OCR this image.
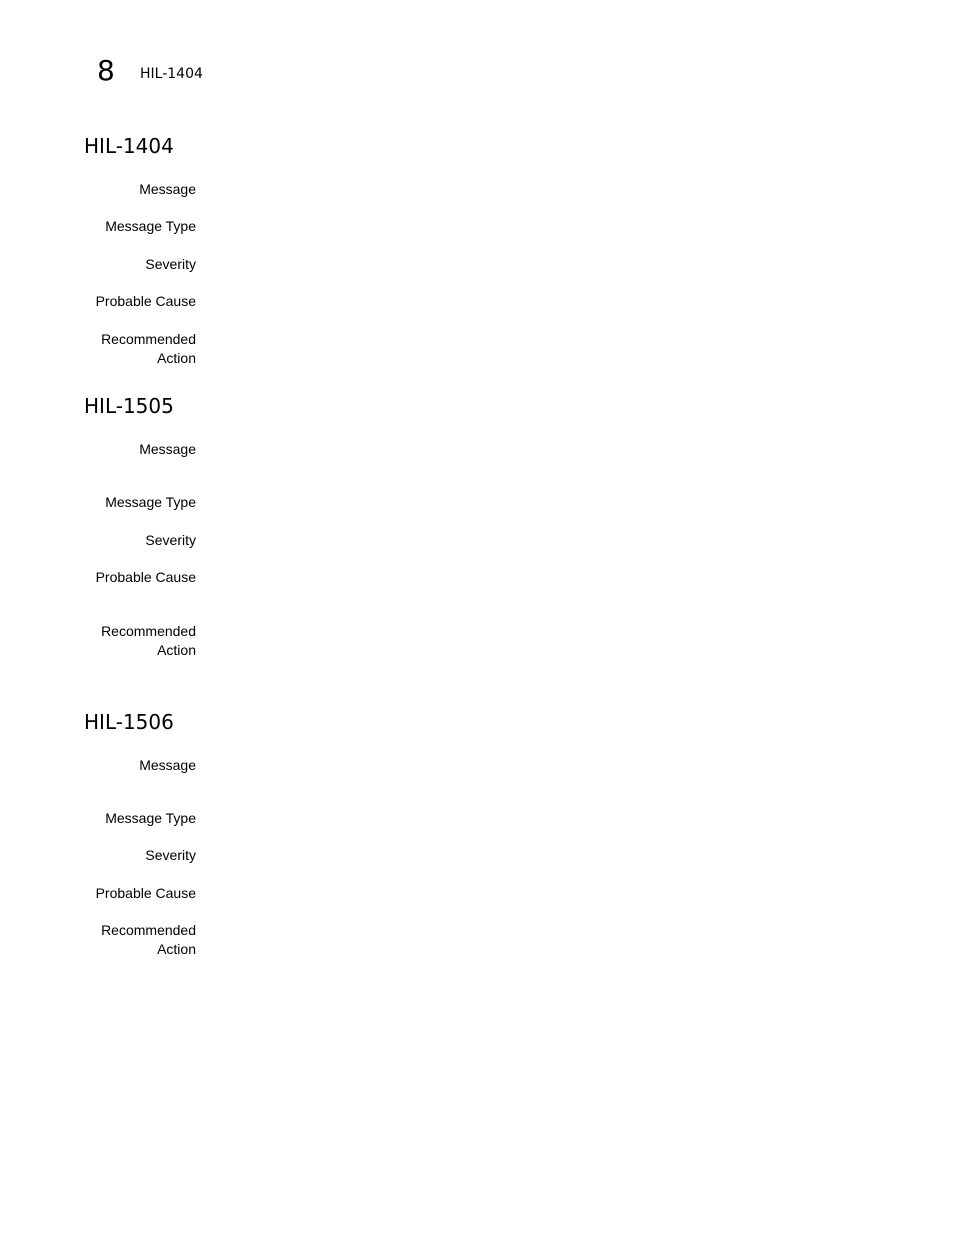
8 HIL-1404
HIL-1404
Message
Message Type
Severity
Probable Cause
Recommended
Action
HIL-1505
Message
Message Type
Severity
Probable Cause
Recommended
Action
HIL-1506
Message
Message Type
Severity
Probable Cause
Recommended
Action
